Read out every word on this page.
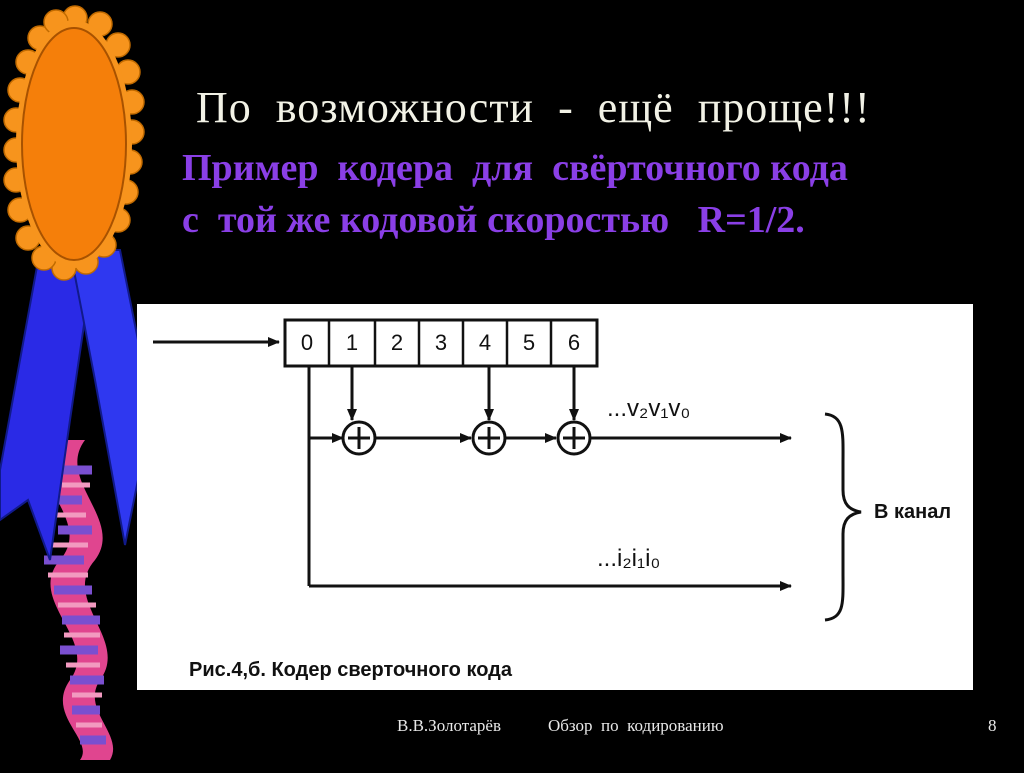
По  возможности  -  ещё  проще!!!
Пример  кодера  для  свёрточного кода
с  той же кодовой скоростью   R=1/2.
0 1 2 3 4 5 6
...v₂v₁v₀
...i₂i₁i₀
В канал
Рис.4,б. Кодер сверточного кода
В.В.Золотарёв	Обзор  по  кодированию	8
